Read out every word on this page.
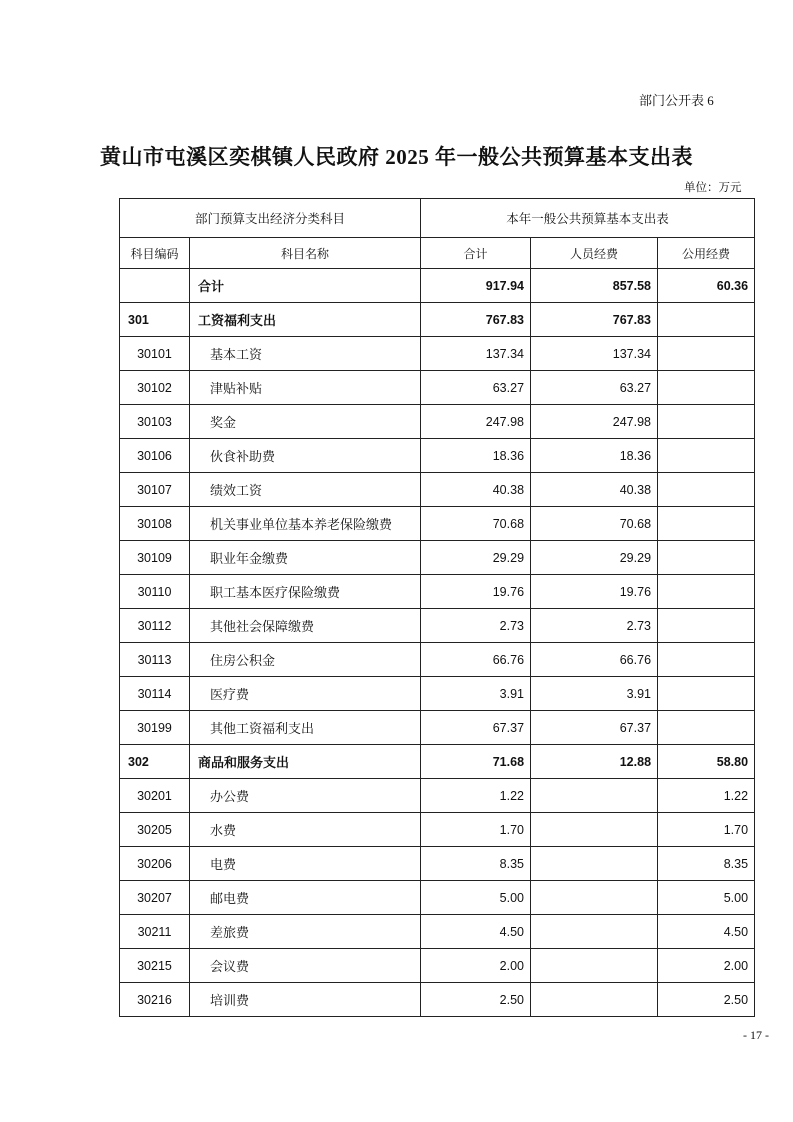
部门公开表 6
黄山市屯溪区奕棋镇人民政府 2025 年一般公共预算基本支出表
单位：万元
部门预算支出经济分类科目		本年一般公共预算基本支出表		
科目编码	科目名称	合计	人员经费	公用经费
	合计	917.94	857.58	60.36
301	工资福利支出	767.83	767.83	
30101	基本工资	137.34	137.34	
30102	津贴补贴	63.27	63.27	
30103	奖金	247.98	247.98	
30106	伙食补助费	18.36	18.36	
30107	绩效工资	40.38	40.38	
30108	机关事业单位基本养老保险缴费	70.68	70.68	
30109	职业年金缴费	29.29	29.29	
30110	职工基本医疗保险缴费	19.76	19.76	
30112	其他社会保障缴费	2.73	2.73	
30113	住房公积金	66.76	66.76	
30114	医疗费	3.91	3.91	
30199	其他工资福利支出	67.37	67.37	
302	商品和服务支出	71.68	12.88	58.80
30201	办公费	1.22		1.22
30205	水费	1.70		1.70
30206	电费	8.35		8.35
30207	邮电费	5.00		5.00
30211	差旅费	4.50		4.50
30215	会议费	2.00		2.00
30216	培训费	2.50		2.50
- 17 -
